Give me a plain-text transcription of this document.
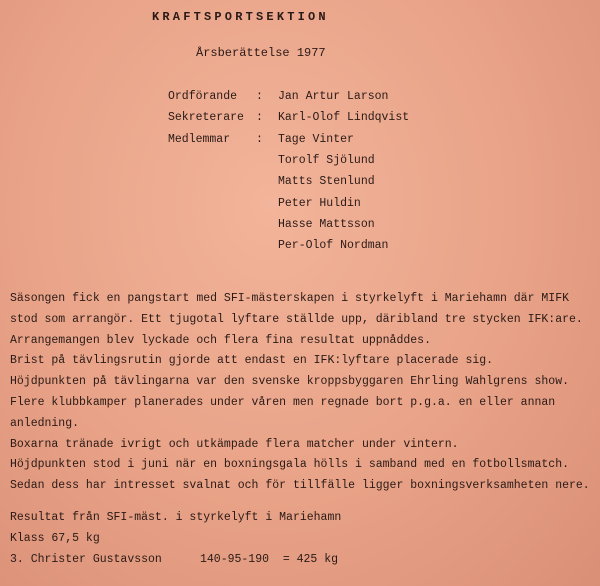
KRAFTSPORTSEKTION
Årsberättelse 1977
Ordförande	:	Jan Artur Larson
Sekreterare	:	Karl-Olof Lindqvist
Medlemmar	:	Tage Vinter
Torolf Sjölund
Matts Stenlund
Peter Huldin
Hasse Mattsson
Per-Olof Nordman
Säsongen fick en pangstart med SFI-mästerskapen i styrkelyft i Mariehamn där MIFK
stod som arrangör. Ett tjugotal lyftare ställde upp, däribland tre stycken IFK:are.
Arrangemangen blev lyckade och flera fina resultat uppnåddes.
Brist på tävlingsrutin gjorde att endast en IFK:lyftare placerade sig.
Höjdpunkten på tävlingarna var den svenske kroppsbyggaren Ehrling Wahlgrens show.
Flere klubbkamper planerades under våren men regnade bort p.g.a. en eller annan
anledning.
Boxarna tränade ivrigt och utkämpade flera matcher under vintern.
Höjdpunkten stod i juni när en boxningsgala hölls i samband med en fotbollsmatch.
Sedan dess har intresset svalnat och för tillfälle ligger boxningsverksamheten nere.
Resultat från SFI-mäst. i styrkelyft i Mariehamn
Klass 67,5 kg
3. Christer Gustavsson	140-95-190  = 425 kg
